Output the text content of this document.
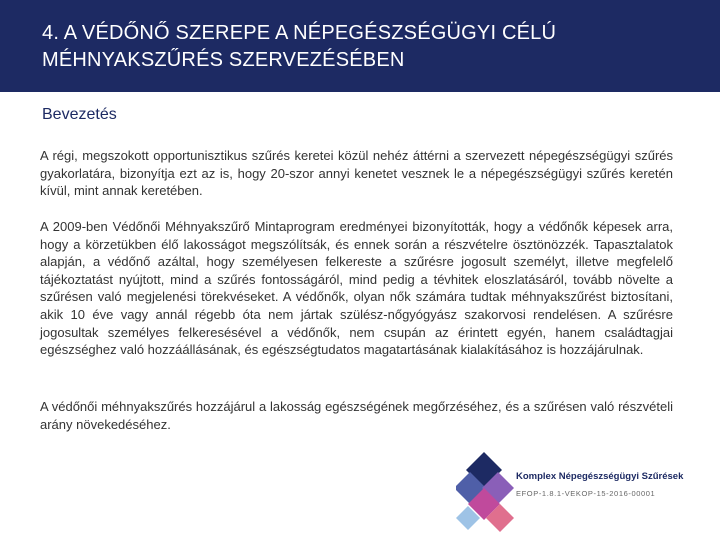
4. A VÉDŐNŐ SZEREPE A NÉPEGÉSZSÉGÜGYI CÉLÚ MÉHNYAKSZŰRÉS SZERVEZÉSÉBEN
Bevezetés

A régi, megszokott opportunisztikus szűrés keretei közül nehéz áttérni a szervezett népegészségügyi szűrés gyakorlatára, bizonyítja ezt az is, hogy 20-szor annyi kenetet vesznek le a népegészségügyi szűrés keretén kívül, mint annak keretében.

A 2009-ben Védőnői Méhnyakszűrő Mintaprogram eredményei bizonyították, hogy a védőnők képesek arra, hogy a körzetükben élő lakosságot megszólítsák, és ennek során a részvételre ösztönözzék. Tapasztalatok alapján, a védőnő azáltal, hogy személyesen felkereste a szűrésre jogosult személyt, illetve megfelelő tájékoztatást nyújtott, mind a szűrés fontosságáról, mind pedig a tévhitek eloszlatásáról, tovább növelte a szűrésen való megjelenési törekvéseket. A védőnők, olyan nők számára tudtak méhnyakszűrést biztosítani, akik 10 éve vagy annál régebb óta nem jártak szülész-nőgyógyász szakorvosi rendelésen. A szűrésre jogosultak személyes felkeresésével a védőnők, nem csupán az érintett egyén, hanem családtagjai egészséghez való hozzáállásának, és egészségtudatos magatartásának kialakításához is hozzájárulnak.

A védőnői méhnyakszűrés hozzájárul a lakosság egészségének megőrzéséhez, és a szűrésen való részvételi arány növekedéséhez.

Komplex Népegészségügyi Szűrések
EFOP-1.8.1-VEKOP-15-2016-00001
